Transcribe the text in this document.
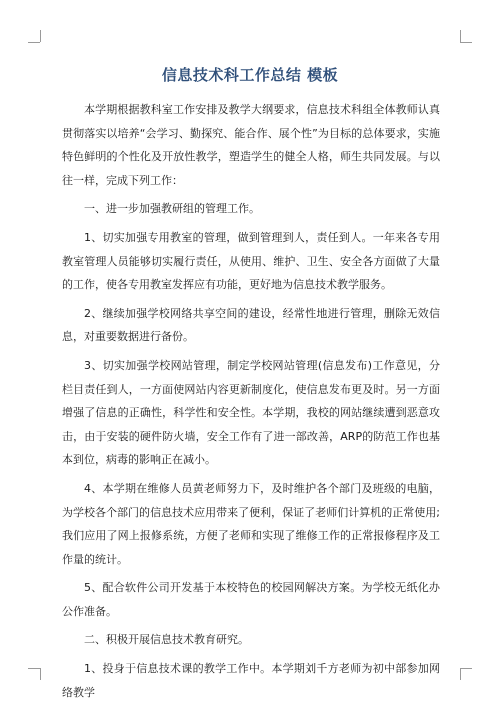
信息技术科工作总结 模板

本学期根据教科室工作安排及教学大纲要求，信息技术科组全体教师认真贯彻落实以培养“会学习、勤探究、能合作、展个性”为目标的总体要求，实施特色鲜明的个性化及开放性教学，塑造学生的健全人格，师生共同发展。与以往一样，完成下列工作：

一、进一步加强教研组的管理工作。

1、切实加强专用教室的管理，做到管理到人，责任到人。一年来各专用教室管理人员能够切实履行责任，从使用、维护、卫生、安全各方面做了大量的工作，使各专用教室发挥应有功能，更好地为信息技术教学服务。

2、继续加强学校网络共享空间的建设，经常性地进行管理，删除无效信息，对重要数据进行备份。

3、切实加强学校网站管理，制定学校网站管理(信息发布)工作意见，分栏目责任到人，一方面使网站内容更新制度化，使信息发布更及时。另一方面增强了信息的正确性，科学性和安全性。本学期，我校的网站继续遭到恶意攻击，由于安装的硬件防火墙，安全工作有了进一部改善，ARP的防范工作也基本到位，病毒的影响正在减小。

4、本学期在维修人员黄老师努力下，及时维护各个部门及班级的电脑，为学校各个部门的信息技术应用带来了便利，保证了老师们计算机的正常使用;我们应用了网上报修系统，方便了老师和实现了维修工作的正常报修程序及工作量的统计。

5、配合软件公司开发基于本校特色的校园网解决方案。为学校无纸化办公作准备。

二、积极开展信息技术教育研究。

1、投身于信息技术课的教学工作中。本学期刘千方老师为初中部参加网络教学
